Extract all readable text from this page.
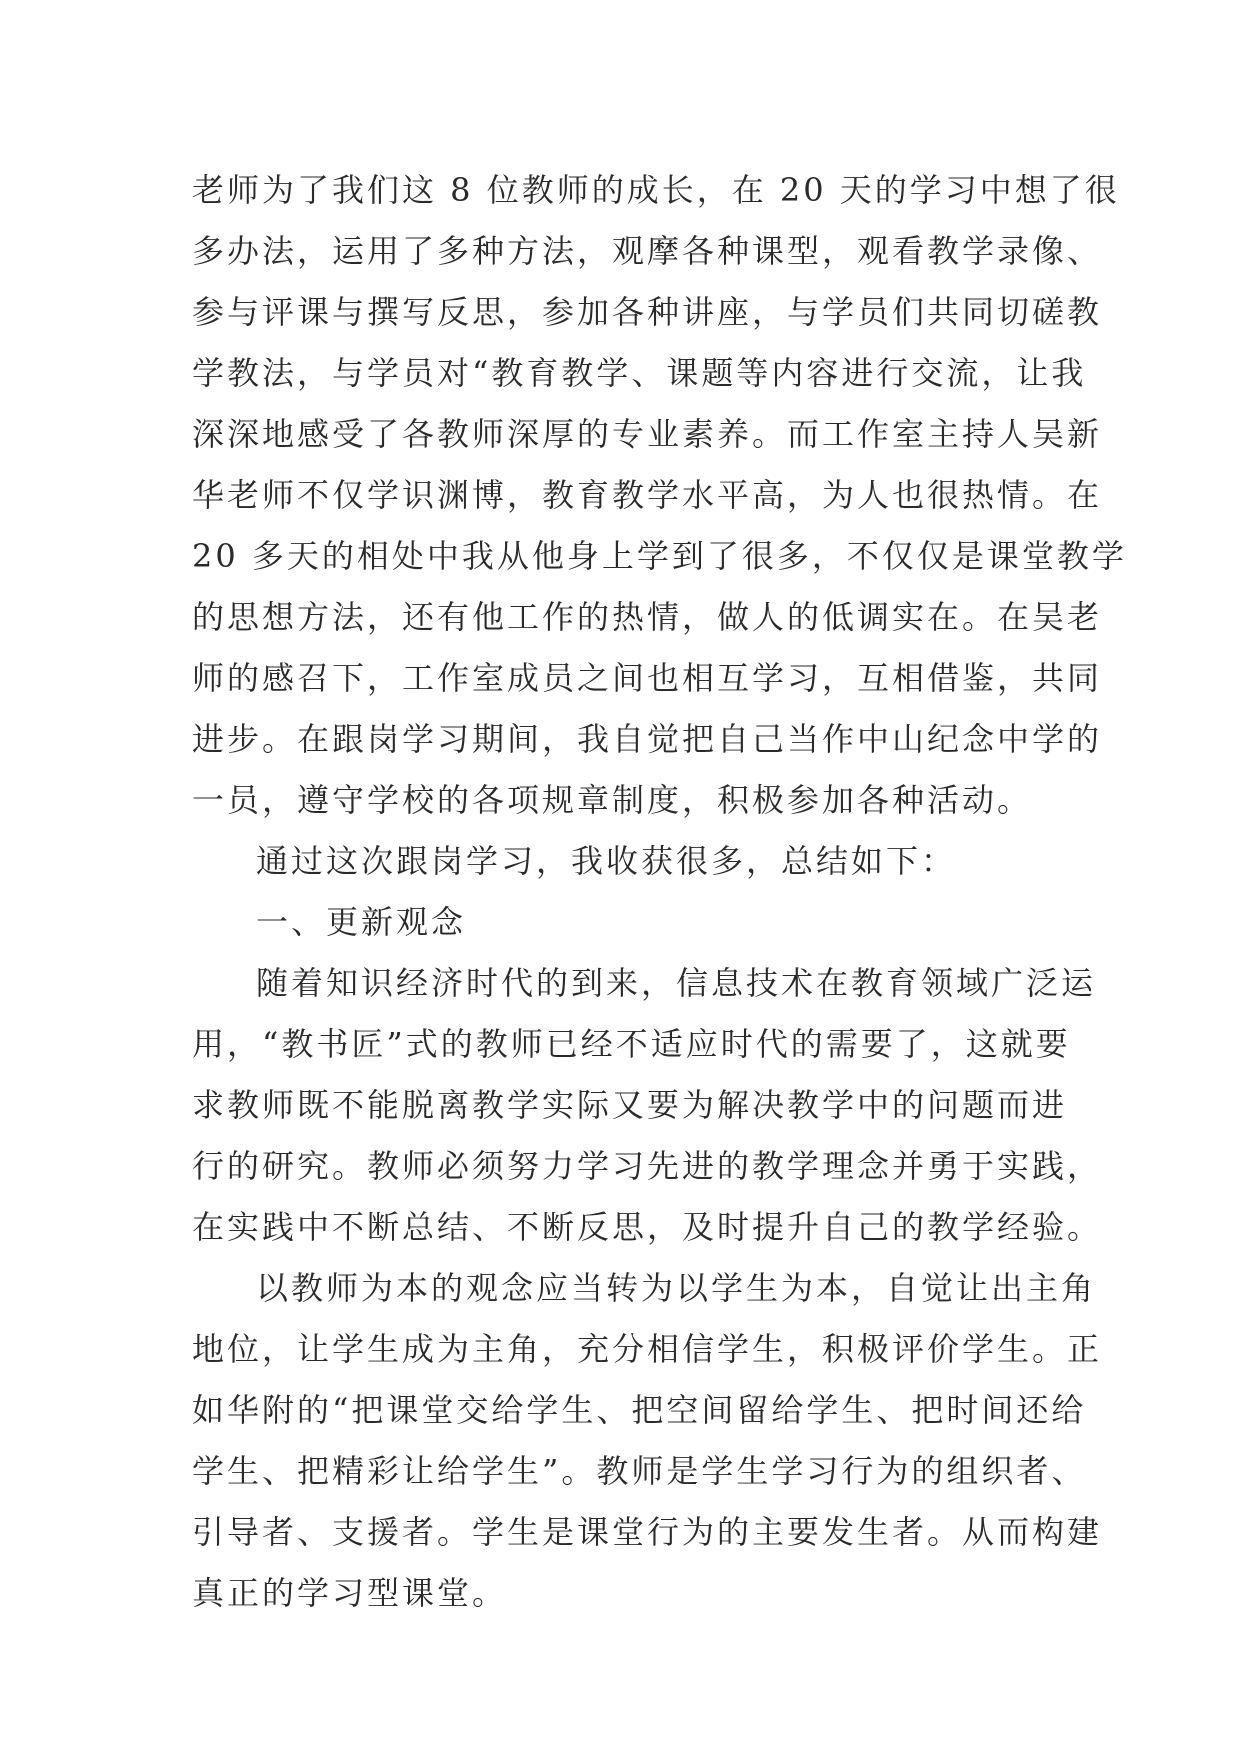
老师为了我们这 8 位教师的成长，在 20 天的学习中想了很
多办法，运用了多种方法，观摩各种课型，观看教学录像、
参与评课与撰写反思，参加各种讲座，与学员们共同切磋教
学教法，与学员对“教育教学、课题等内容进行交流，让我
深深地感受了各教师深厚的专业素养。而工作室主持人吴新
华老师不仅学识渊博，教育教学水平高，为人也很热情。在
20 多天的相处中我从他身上学到了很多，不仅仅是课堂教学
的思想方法，还有他工作的热情，做人的低调实在。在吴老
师的感召下，工作室成员之间也相互学习，互相借鉴，共同
进步。在跟岗学习期间，我自觉把自己当作中山纪念中学的
一员，遵守学校的各项规章制度，积极参加各种活动。
通过这次跟岗学习，我收获很多，总结如下：
一、更新观念
随着知识经济时代的到来，信息技术在教育领域广泛运
用，“教书匠”式的教师已经不适应时代的需要了，这就要
求教师既不能脱离教学实际又要为解决教学中的问题而进
行的研究。教师必须努力学习先进的教学理念并勇于实践，
在实践中不断总结、不断反思，及时提升自己的教学经验。
以教师为本的观念应当转为以学生为本，自觉让出主角
地位，让学生成为主角，充分相信学生，积极评价学生。正
如华附的“把课堂交给学生、把空间留给学生、把时间还给
学生、把精彩让给学生”。教师是学生学习行为的组织者、
引导者、支援者。学生是课堂行为的主要发生者。从而构建
真正的学习型课堂。
